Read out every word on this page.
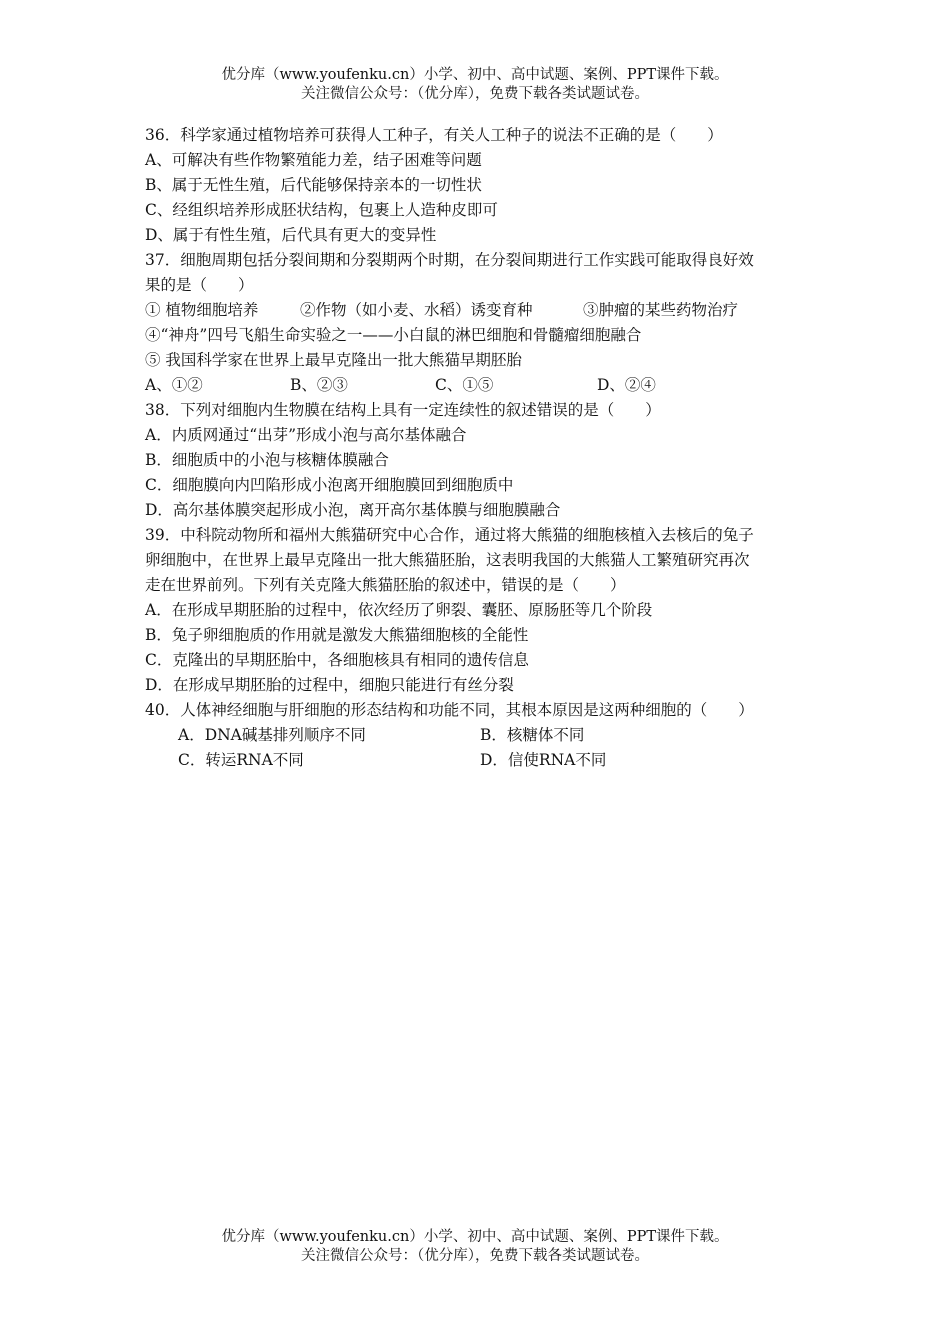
优分库（www.youfenku.cn）小学、初中、高中试题、案例、PPT课件下载。
关注微信公众号：（优分库），免费下载各类试题试卷。
36．科学家通过植物培养可获得人工种子，有关人工种子的说法不正确的是（　　）
A、可解决有些作物繁殖能力差，结子困难等问题
B、属于无性生殖，后代能够保持亲本的一切性状
C、经组织培养形成胚状结构，包裹上人造种皮即可
D、属于有性生殖，后代具有更大的变异性
37．细胞周期包括分裂间期和分裂期两个时期，在分裂间期进行工作实践可能取得良好效
果的是（　　）
① 植物细胞培养	②作物（如小麦、水稻）诱变育种	③肿瘤的某些药物治疗
④“神舟”四号飞船生命实验之一——小白鼠的淋巴细胞和骨髓瘤细胞融合
⑤ 我国科学家在世界上最早克隆出一批大熊猫早期胚胎
A、①②	B、②③	C、①⑤	D、②④
38．下列对细胞内生物膜在结构上具有一定连续性的叙述错误的是（　　）
A．内质网通过“出芽”形成小泡与高尔基体融合
B．细胞质中的小泡与核糖体膜融合
C．细胞膜向内凹陷形成小泡离开细胞膜回到细胞质中
D．高尔基体膜突起形成小泡，离开高尔基体膜与细胞膜融合
39．中科院动物所和福州大熊猫研究中心合作，通过将大熊猫的细胞核植入去核后的兔子
卵细胞中，在世界上最早克隆出一批大熊猫胚胎，这表明我国的大熊猫人工繁殖研究再次
走在世界前列。下列有关克隆大熊猫胚胎的叙述中，错误的是（　　）
A．在形成早期胚胎的过程中，依次经历了卵裂、囊胚、原肠胚等几个阶段
B．兔子卵细胞质的作用就是激发大熊猫细胞核的全能性
C．克隆出的早期胚胎中，各细胞核具有相同的遗传信息
D．在形成早期胚胎的过程中，细胞只能进行有丝分裂
40．人体神经细胞与肝细胞的形态结构和功能不同，其根本原因是这两种细胞的（　　）
A．DNA碱基排列顺序不同	B．核糖体不同
C．转运RNA不同	D．信使RNA不同
优分库（www.youfenku.cn）小学、初中、高中试题、案例、PPT课件下载。
关注微信公众号：（优分库），免费下载各类试题试卷。
